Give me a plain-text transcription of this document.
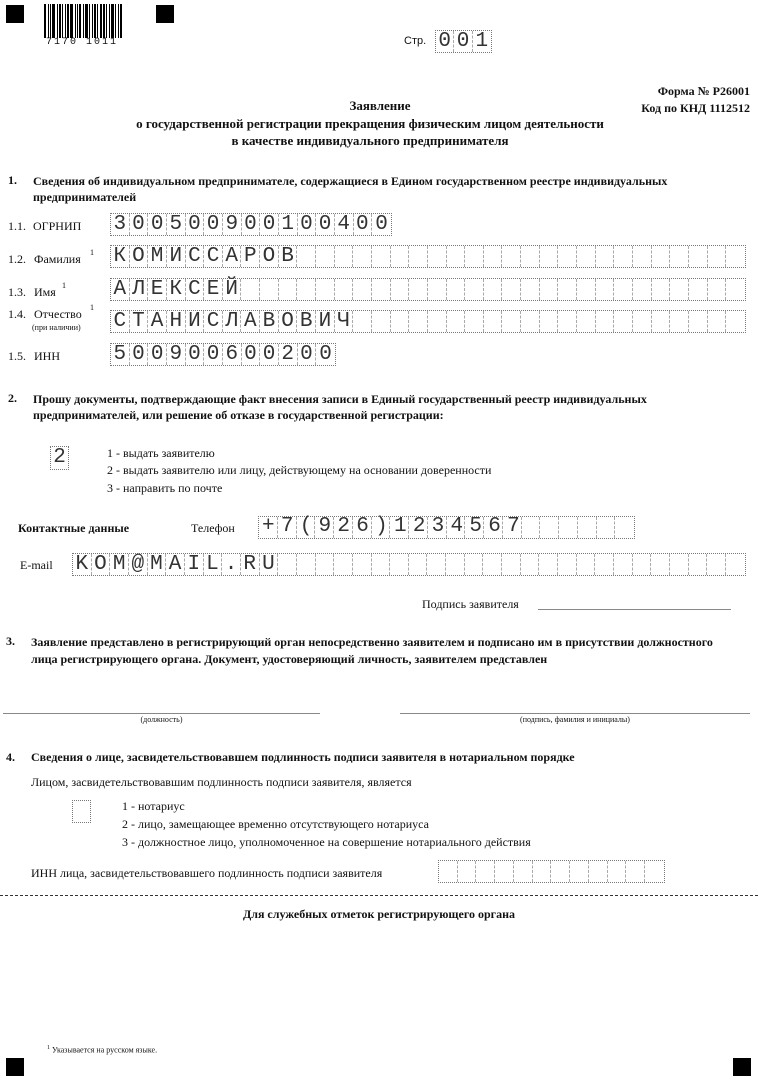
7170 1011	Стр. 0 0 1
Форма № Р26001
Код по КНД 1112512
Заявление
о государственной регистрации прекращения физическим лицом деятельности
в качестве индивидуального предпринимателя
1. Сведения об индивидуальном предпринимателе, содержащиеся в Едином государственном реестре индивидуальных предпринимателей
1.1. ОГРНИП 3 0 0 5 0 0 9 0 0 1 0 0 4 0 0
1.2. Фамилия 1 К О М И С С А Р О В
1.3. Имя 1 А Л Е К С Е Й
1.4. Отчество 1
(при наличии) С Т А Н И С Л А В О В И Ч
1.5. ИНН	5 0 0 9 0 0 6 0 0 2 0 0
2. Прошу документы, подтверждающие факт внесения записи в Единый государственный реестр индивидуальных предпринимателей, или решение об отказе в государственной регистрации:
2	1 - выдать заявителю
2 - выдать заявителю или лицу, действующему на основании доверенности
3 - направить по почте
Контактные данные	Телефон +7(926)1234567
E-mail K O M @ M A I L . R U
Подпись заявителя
3. Заявление представлено в регистрирующий орган непосредственно заявителем и подписано им в присутствии должностного лица регистрирующего органа. Документ, удостоверяющий личность, заявителем представлен
(должность)	(подпись, фамилия и инициалы)
4. Сведения о лице, засвидетельствовавшем подлинность подписи заявителя в нотариальном порядке
Лицом, засвидетельствовавшим подлинность подписи заявителя, является
1 - нотариус
2 - лицо, замещающее временно отсутствующего нотариуса
3 - должностное лицо, уполномоченное на совершение нотариального действия
ИНН лица, засвидетельствовавшего подлинность подписи заявителя
Для служебных отметок регистрирующего органа
$^1$ Указывается на русском языке.
